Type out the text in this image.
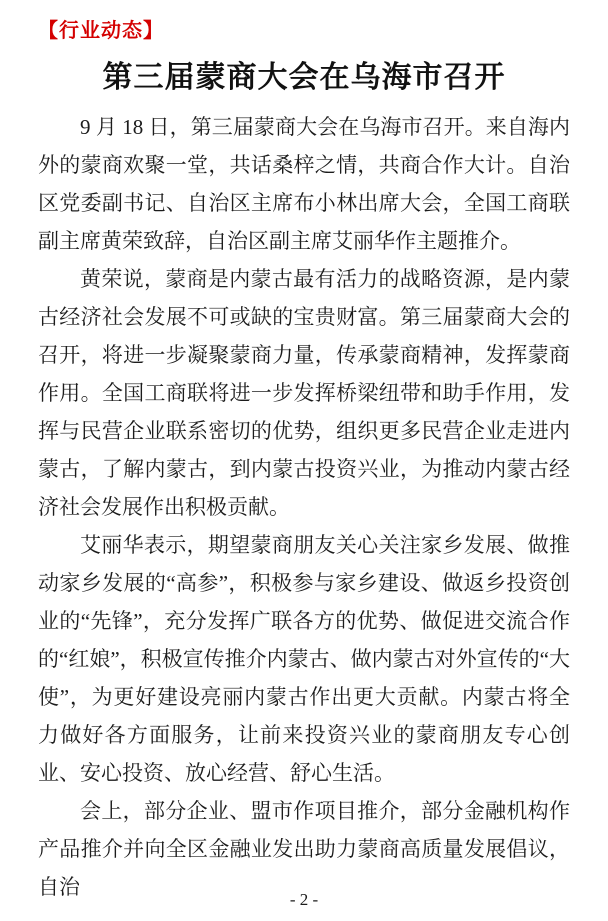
【行业动态】
第三届蒙商大会在乌海市召开

9 月 18 日，第三届蒙商大会在乌海市召开。来自海内外的蒙商欢聚一堂，共话桑梓之情，共商合作大计。自治区党委副书记、自治区主席布小林出席大会，全国工商联副主席黄荣致辞，自治区副主席艾丽华作主题推介。

黄荣说，蒙商是内蒙古最有活力的战略资源，是内蒙古经济社会发展不可或缺的宝贵财富。第三届蒙商大会的召开，将进一步凝聚蒙商力量，传承蒙商精神，发挥蒙商作用。全国工商联将进一步发挥桥梁纽带和助手作用，发挥与民营企业联系密切的优势，组织更多民营企业走进内蒙古，了解内蒙古，到内蒙古投资兴业，为推动内蒙古经济社会发展作出积极贡献。

艾丽华表示，期望蒙商朋友关心关注家乡发展、做推动家乡发展的“高参”，积极参与家乡建设、做返乡投资创业的“先锋”，充分发挥广联各方的优势、做促进交流合作的“红娘”，积极宣传推介内蒙古、做内蒙古对外宣传的“大使”，为更好建设亮丽内蒙古作出更大贡献。内蒙古将全力做好各方面服务，让前来投资兴业的蒙商朋友专心创业、安心投资、放心经营、舒心生活。

会上，部分企业、盟市作项目推介，部分金融机构作产品推介并向全区金融业发出助力蒙商高质量发展倡议，自治

- 2 -
